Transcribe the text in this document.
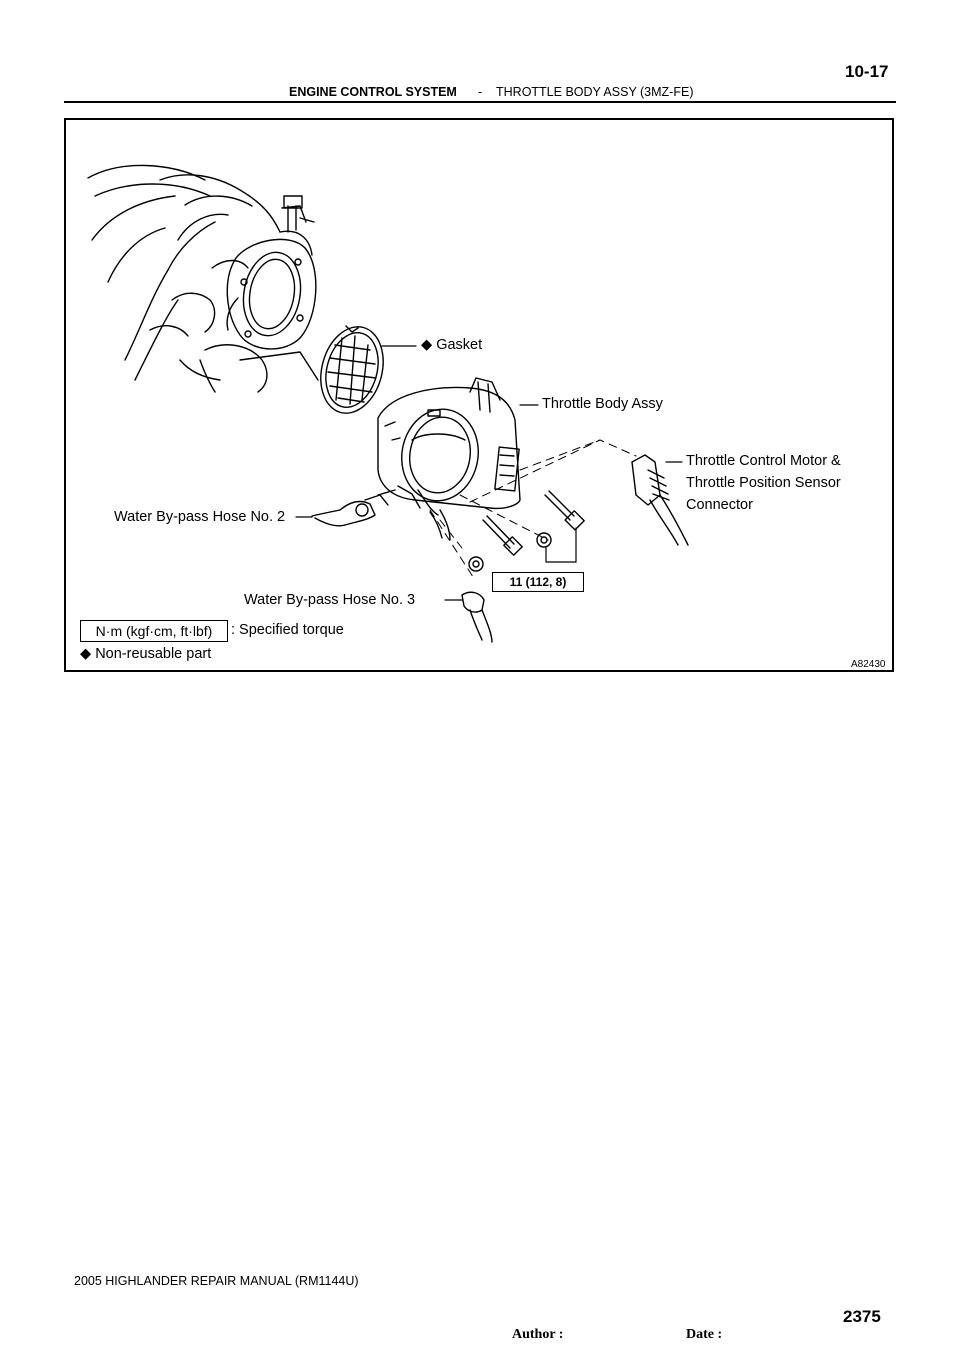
10-17
ENGINE CONTROL SYSTEM - THROTTLE BODY ASSY (3MZ-FE)
◆ Gasket
Throttle Body Assy
Throttle Control Motor &
Throttle Position Sensor
Connector
Water By-pass Hose No. 2
Water By-pass Hose No. 3
11 (112, 8)
N·m (kgf·cm, ft·lbf)	: Specified torque
◆ Non-reusable part
A82430
2005 HIGHLANDER REPAIR MANUAL (RM1144U)
2375
Author :	Date :
